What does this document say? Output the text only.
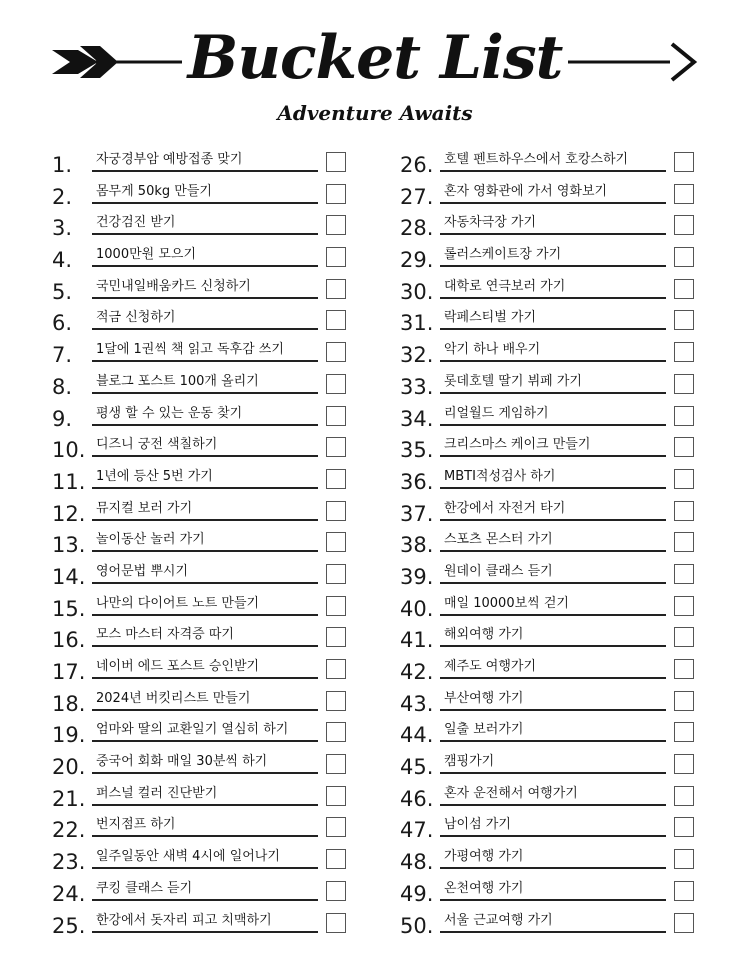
Bucket List
Adventure Awaits
1. 자궁경부암 예방접종 맞기
2. 몸무게 50kg 만들기
3. 건강검진 받기
4. 1000만원 모으기
5. 국민내일배움카드 신청하기
6. 적금 신청하기
7. 1달에 1권씩 책 읽고 독후감 쓰기
8. 블로그 포스트 100개 올리기
9. 평생 할 수 있는 운동 찾기
10. 디즈니 궁전 색칠하기
11. 1년에 등산 5번 가기
12. 뮤지컬 보러 가기
13. 놀이동산 놀러 가기
14. 영어문법 뿌시기
15. 나만의 다이어트 노트 만들기
16. 모스 마스터 자격증 따기
17. 네이버 에드 포스트 승인받기
18. 2024년 버킷리스트 만들기
19. 엄마와 딸의 교환일기 열심히 하기
20. 중국어 회화 매일 30분씩 하기
21. 퍼스널 컬러 진단받기
22. 번지점프 하기
23. 일주일동안 새벽 4시에 일어나기
24. 쿠킹 클래스 듣기
25. 한강에서 돗자리 피고 치맥하기
26. 호텔 펜트하우스에서 호캉스하기
27. 혼자 영화관에 가서 영화보기
28. 자동차극장 가기
29. 롤러스케이트장 가기
30. 대학로 연극보러 가기
31. 락페스티벌 가기
32. 악기 하나 배우기
33. 롯데호텔 딸기 뷔페 가기
34. 리얼월드 게임하기
35. 크리스마스 케이크 만들기
36. MBTI적성검사 하기
37. 한강에서 자전거 타기
38. 스포츠 몬스터 가기
39. 원데이 클래스 듣기
40. 매일 10000보씩 걷기
41. 해외여행 가기
42. 제주도 여행가기
43. 부산여행 가기
44. 일출 보러가기
45. 캠핑가기
46. 혼자 운전해서 여행가기
47. 남이섬 가기
48. 가평여행 가기
49. 온천여행 가기
50. 서울 근교여행 가기
